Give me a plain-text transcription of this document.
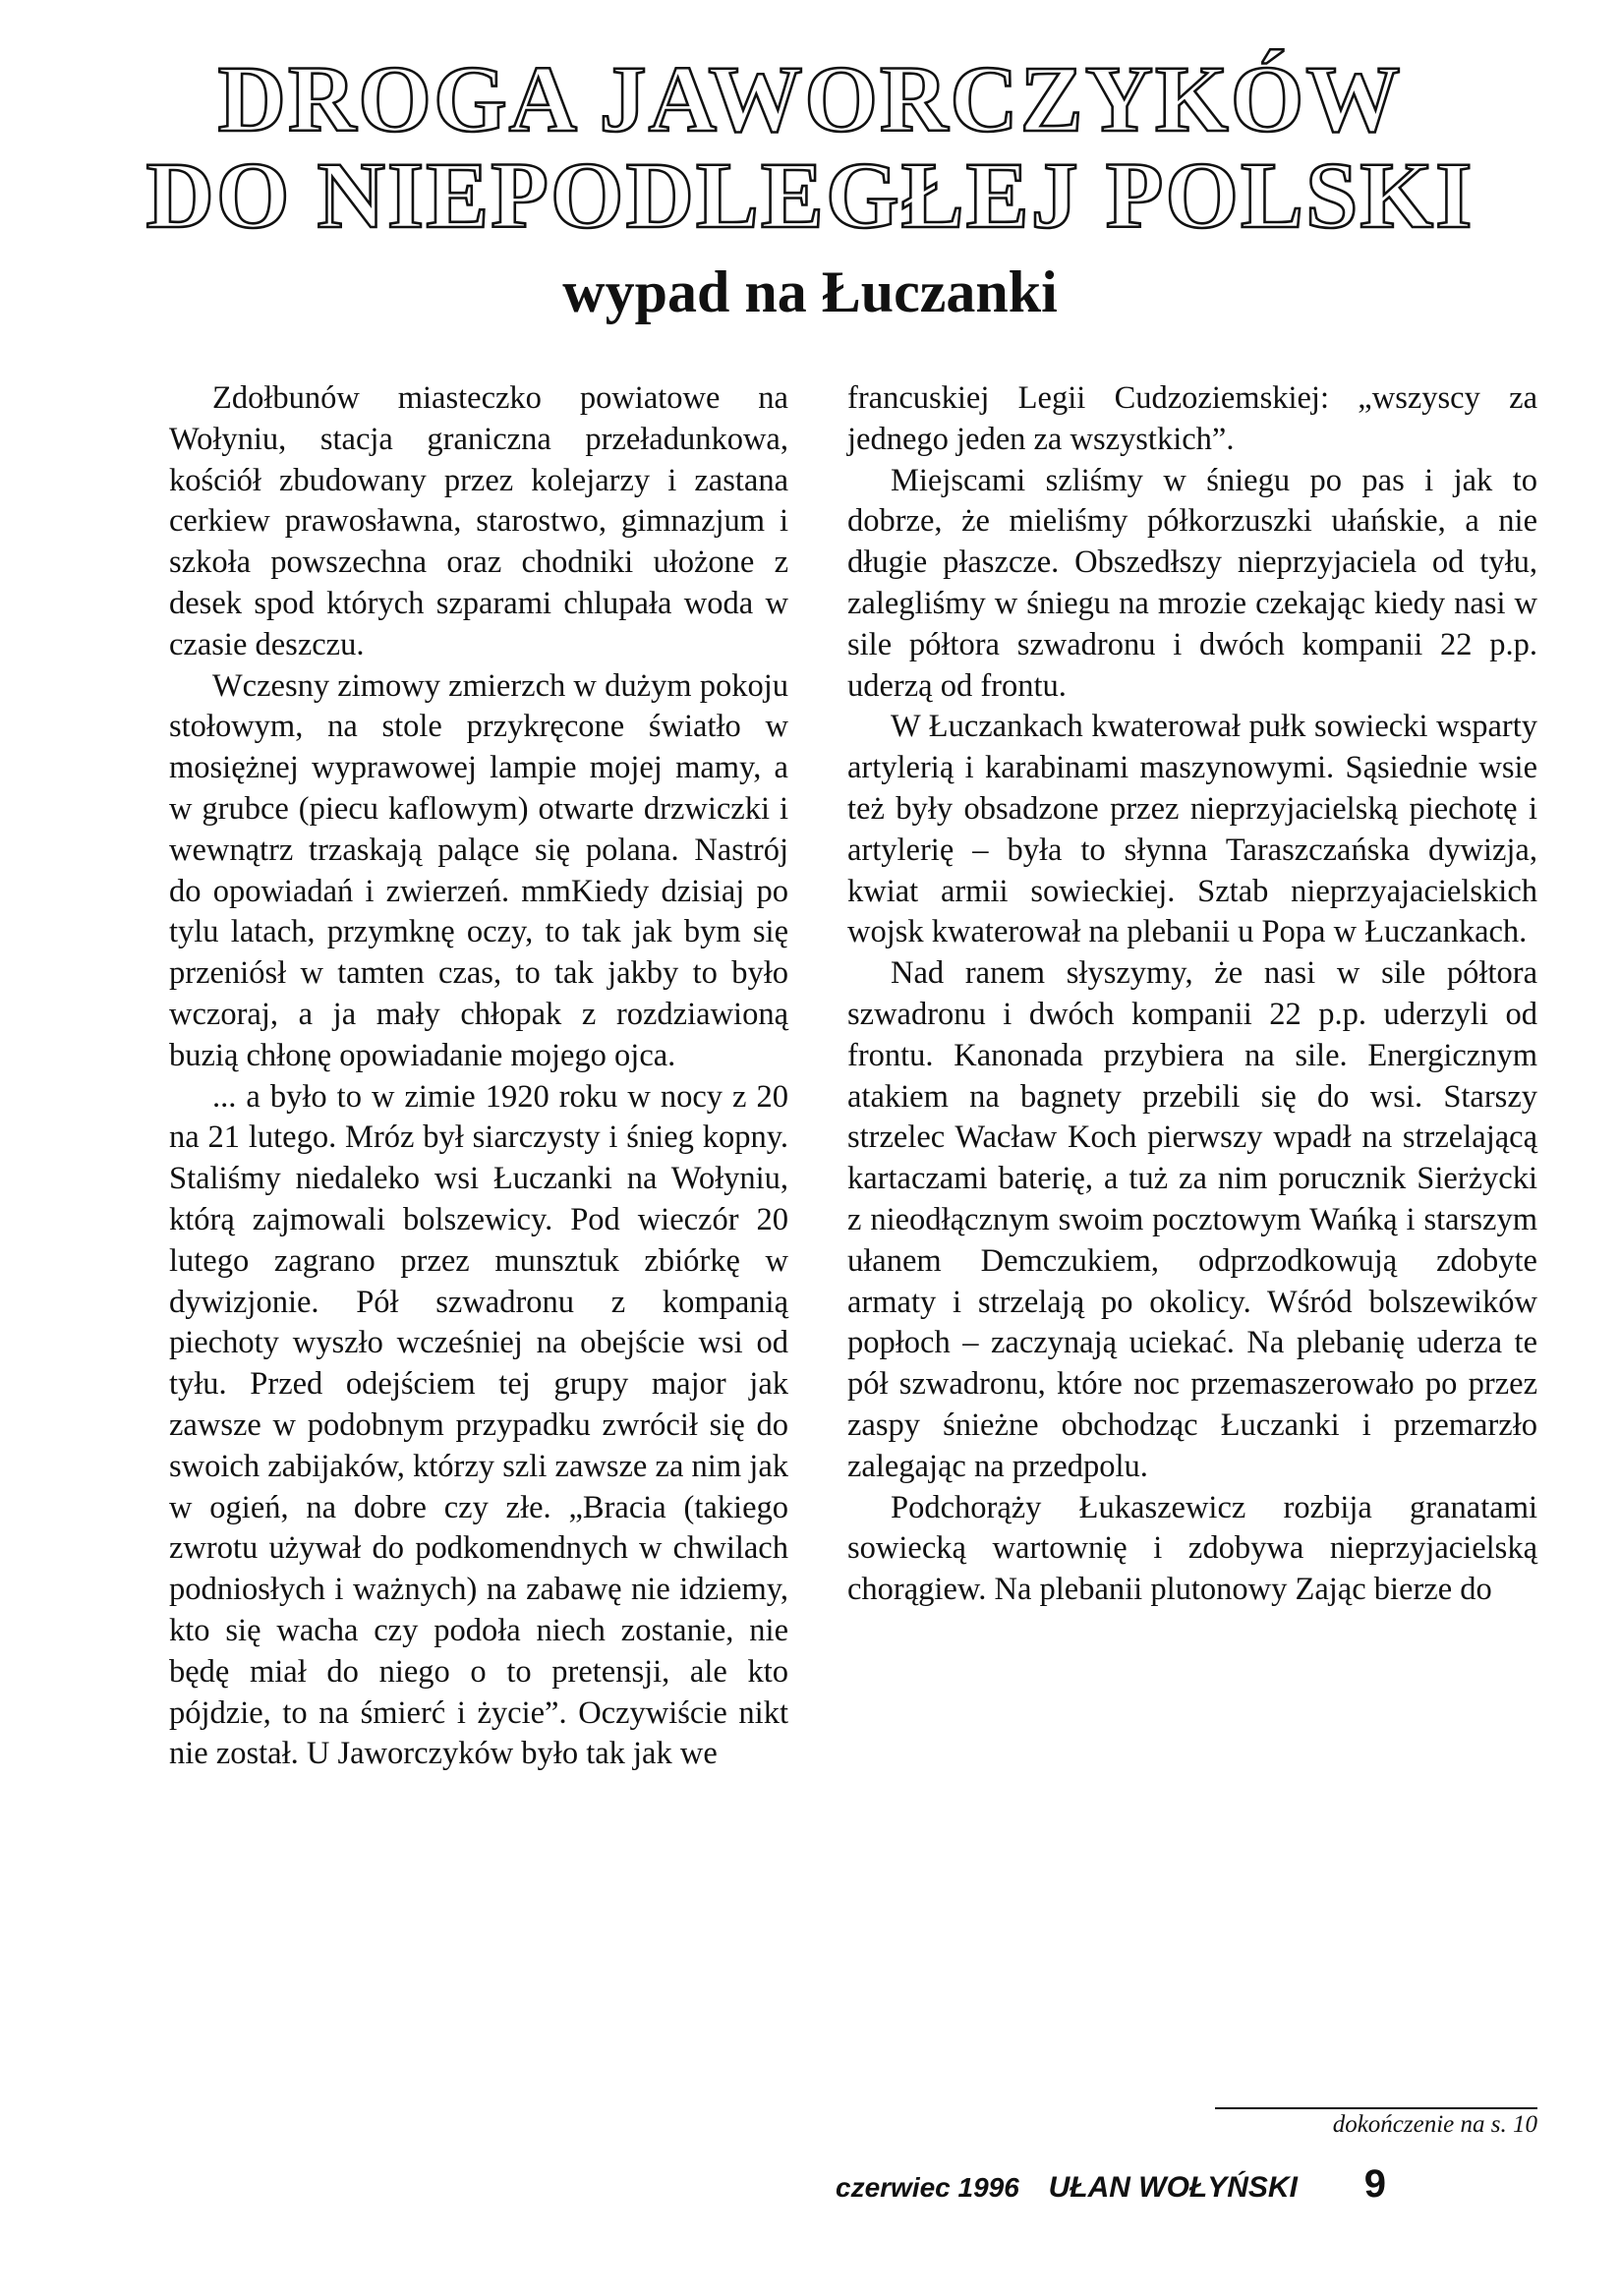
DROGA JAWORCZYKÓW
DO NIEPODLEGŁEJ POLSKI
wypad na Łuczanki

Zdołbunów miasteczko powiatowe na Wołyniu, stacja graniczna przeładunkowa, kościół zbudowany przez kolejarzy i zastana cerkiew prawosławna, starostwo, gimnazjum i szkoła powszechna oraz chodniki ułożone z desek spod których szparami chlupała woda w czasie deszczu.

Wczesny zimowy zmierzch w dużym pokoju stołowym, na stole przykręcone światło w mosiężnej wyprawowej lampie mojej mamy, a w grubce (piecu kaflowym) otwarte drzwiczki i wewnątrz trzaskają palące się polana. Nastrój do opowiadań i zwierzeń. mmKiedy dzisiaj po tylu latach, przymknę oczy, to tak jak bym się przeniósł w tamten czas, to tak jakby to było wczoraj, a ja mały chłopak z rozdziawioną buzią chłonę opowiadanie mojego ojca.

... a było to w zimie 1920 roku w nocy z 20 na 21 lutego. Mróz był siarczysty i śnieg kopny. Staliśmy niedaleko wsi Łuczanki na Wołyniu, którą zajmowali bolszewicy. Pod wieczór 20 lutego zagrano przez munsztuk zbiórkę w dywizjonie. Pół szwadronu z kompanią piechoty wyszło wcześniej na obejście wsi od tyłu. Przed odejściem tej grupy major jak zawsze w podobnym przypadku zwrócił się do swoich zabijaków, którzy szli zawsze za nim jak w ogień, na dobre czy złe. „Bracia (takiego zwrotu używał do podkomendnych w chwilach podniosłych i ważnych) na zabawę nie idziemy, kto się wacha czy podoła niech zostanie, nie będę miał do niego o to pretensji, ale kto pójdzie, to na śmierć i życie”. Oczywiście nikt nie został. U Jaworczyków było tak jak we

francuskiej Legii Cudzoziemskiej: „wszyscy za jednego jeden za wszystkich”.

Miejscami szliśmy w śniegu po pas i jak to dobrze, że mieliśmy półkorzuszki ułańskie, a nie długie płaszcze. Obszedłszy nieprzyjaciela od tyłu, zalegliśmy w śniegu na mrozie czekając kiedy nasi w sile półtora szwadronu i dwóch kompanii 22 p.p. uderzą od frontu.

W Łuczankach kwaterował pułk sowiecki wsparty artylerią i karabinami maszynowymi. Sąsiednie wsie też były obsadzone przez nieprzyjacielską piechotę i artylerię – była to słynna Taraszczańska dywizja, kwiat armii sowieckiej. Sztab nieprzyajacielskich wojsk kwaterował na plebanii u Popa w Łuczankach.

Nad ranem słyszymy, że nasi w sile półtora szwadronu i dwóch kompanii 22 p.p. uderzyli od frontu. Kanonada przybiera na sile. Energicznym atakiem na bagnety przebili się do wsi. Starszy strzelec Wacław Koch pierwszy wpadł na strzelającą kartaczami baterię, a tuż za nim porucznik Sierżycki z nieodłącznym swoim pocztowym Wańką i starszym ułanem Demczukiem, odprzodkowują zdobyte armaty i strzelają po okolicy. Wśród bolszewików popłoch – zaczynają uciekać. Na plebanię uderza te pół szwadronu, które noc przemaszerowało po przez zaspy śnieżne obchodząc Łuczanki i przemarzło zalegając na przedpolu.

Podchorąży Łukaszewicz rozbija granatami sowiecką wartownię i zdobywa nieprzyjacielską chorągiew. Na plebanii plutonowy Zając bierze do

dokończenie na s. 10
czerwiec 1996 UŁAN WOŁYŃSKI 9
